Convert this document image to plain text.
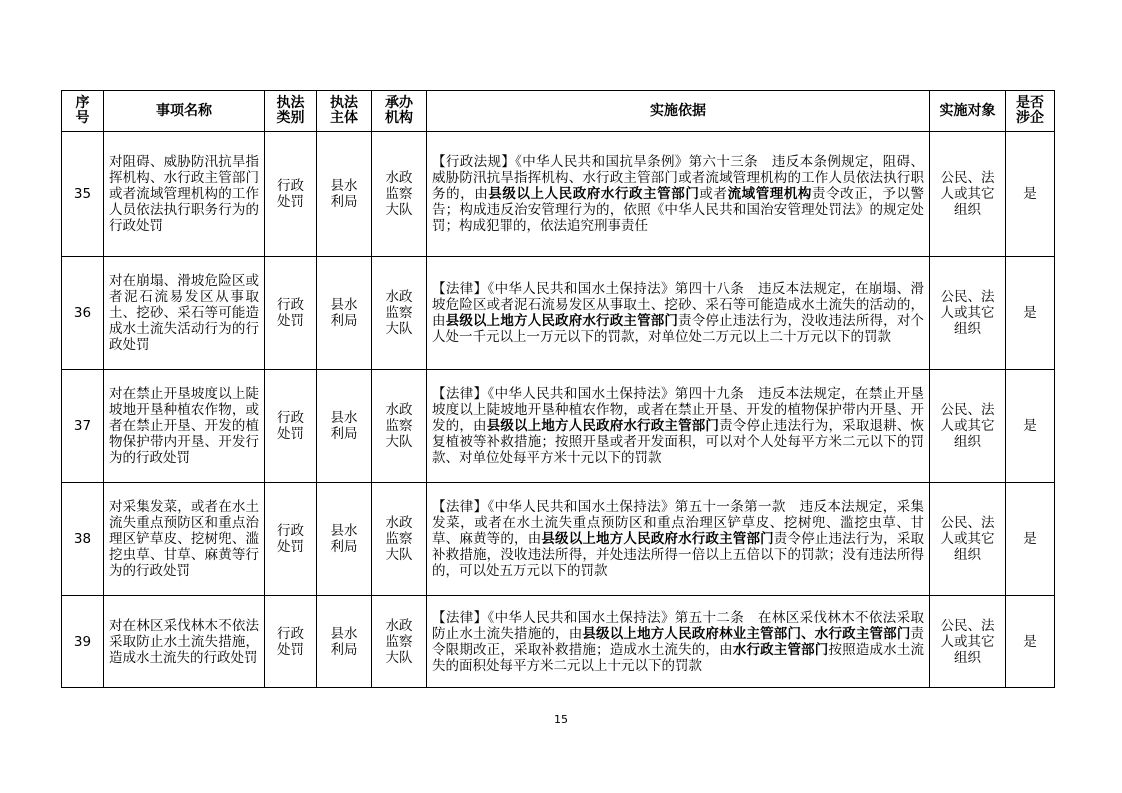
序号	事项名称	执法类别	执法主体	承办机构	实施依据	实施对象	是否涉企
35	对阻碍、威胁防汛抗旱指挥机构、水行政主管部门或者流域管理机构的工作人员依法执行职务行为的行政处罚	行政处罚	县水利局	水政监察大队	【行政法规】《中华人民共和国抗旱条例》第六十三条　违反本条例规定，阻碍、威胁防汛抗旱指挥机构、水行政主管部门或者流域管理机构的工作人员依法执行职务的，由县级以上人民政府水行政主管部门或者流域管理机构责令改正，予以警告；构成违反治安管理行为的，依照《中华人民共和国治安管理处罚法》的规定处罚；构成犯罪的，依法追究刑事责任	公民、法人或其它组织	是
36	对在崩塌、滑坡危险区或者泥石流易发区从事取土、挖砂、采石等可能造成水土流失活动行为的行政处罚	行政处罚	县水利局	水政监察大队	【法律】《中华人民共和国水土保持法》第四十八条　违反本法规定，在崩塌、滑坡危险区或者泥石流易发区从事取土、挖砂、采石等可能造成水土流失的活动的，由县级以上地方人民政府水行政主管部门责令停止违法行为，没收违法所得，对个人处一千元以上一万元以下的罚款，对单位处二万元以上二十万元以下的罚款	公民、法人或其它组织	是
37	对在禁止开垦坡度以上陡坡地开垦种植农作物，或者在禁止开垦、开发的植物保护带内开垦、开发行为的行政处罚	行政处罚	县水利局	水政监察大队	【法律】《中华人民共和国水土保持法》第四十九条　违反本法规定，在禁止开垦坡度以上陡坡地开垦种植农作物，或者在禁止开垦、开发的植物保护带内开垦、开发的，由县级以上地方人民政府水行政主管部门责令停止违法行为，采取退耕、恢复植被等补救措施；按照开垦或者开发面积，可以对个人处每平方米二元以下的罚款、对单位处每平方米十元以下的罚款	公民、法人或其它组织	是
38	对采集发菜，或者在水土流失重点预防区和重点治理区铲草皮、挖树兜、滥挖虫草、甘草、麻黄等行为的行政处罚	行政处罚	县水利局	水政监察大队	【法律】《中华人民共和国水土保持法》第五十一条第一款　违反本法规定，采集发菜，或者在水土流失重点预防区和重点治理区铲草皮、挖树兜、滥挖虫草、甘草、麻黄等的，由县级以上地方人民政府水行政主管部门责令停止违法行为，采取补救措施，没收违法所得，并处违法所得一倍以上五倍以下的罚款；没有违法所得的，可以处五万元以下的罚款	公民、法人或其它组织	是
39	对在林区采伐林木不依法采取防止水土流失措施，造成水土流失的行政处罚	行政处罚	县水利局	水政监察大队	【法律】《中华人民共和国水土保持法》第五十二条　在林区采伐林木不依法采取防止水土流失措施的，由县级以上地方人民政府林业主管部门、水行政主管部门责令限期改正，采取补救措施；造成水土流失的，由水行政主管部门按照造成水土流失的面积处每平方米二元以上十元以下的罚款	公民、法人或其它组织	是
15
